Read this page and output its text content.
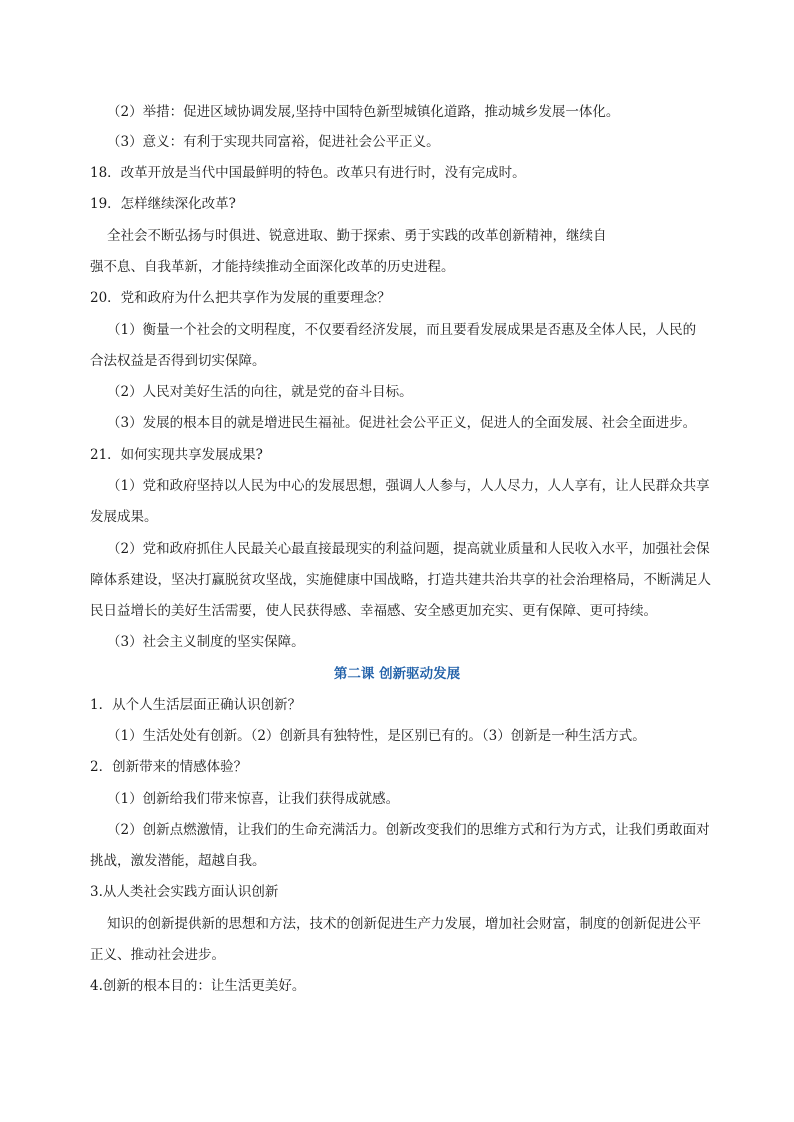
（2）举措：促进区域协调发展,坚持中国特色新型城镇化道路，推动城乡发展一体化。
（3）意义：有利于实现共同富裕，促进社会公平正义。
18．改革开放是当代中国最鲜明的特色。改革只有进行时，没有完成时。
19．怎样继续深化改革?
全社会不断弘扬与时俱进、锐意进取、勤于探索、勇于实践的改革创新精神，继续自
强不息、自我革新，才能持续推动全面深化改革的历史进程。
20．党和政府为什么把共享作为发展的重要理念？
（1）衡量一个社会的文明程度，不仅要看经济发展，而且要看发展成果是否惠及全体人民，人民的
合法权益是否得到切实保障。
（2）人民对美好生活的向往，就是党的奋斗目标。
（3）发展的根本目的就是增进民生福祉。促进社会公平正义，促进人的全面发展、社会全面进步。
21．如何实现共享发展成果?
（1）党和政府坚持以人民为中心的发展思想，强调人人参与，人人尽力，人人享有，让人民群众共享
发展成果。
（2）党和政府抓住人民最关心最直接最现实的利益问题，提高就业质量和人民收入水平，加强社会保
障体系建设，坚决打赢脱贫攻坚战，实施健康中国战略，打造共建共治共享的社会治理格局，不断满足人
民日益增长的美好生活需要，使人民获得感、幸福感、安全感更加充实、更有保障、更可持续。
（3）社会主义制度的坚实保障。
第二课 创新驱动发展
1．从个人生活层面正确认识创新？
（1）生活处处有创新。（2）创新具有独特性，是区别已有的。（3）创新是一种生活方式。
2．创新带来的情感体验？
（1）创新给我们带来惊喜，让我们获得成就感。
（2）创新点燃激情，让我们的生命充满活力。创新改变我们的思维方式和行为方式，让我们勇敢面对
挑战，激发潜能，超越自我。
3.从人类社会实践方面认识创新
知识的创新提供新的思想和方法，技术的创新促进生产力发展，增加社会财富，制度的创新促进公平
正义、推动社会进步。
4.创新的根本目的：让生活更美好。
